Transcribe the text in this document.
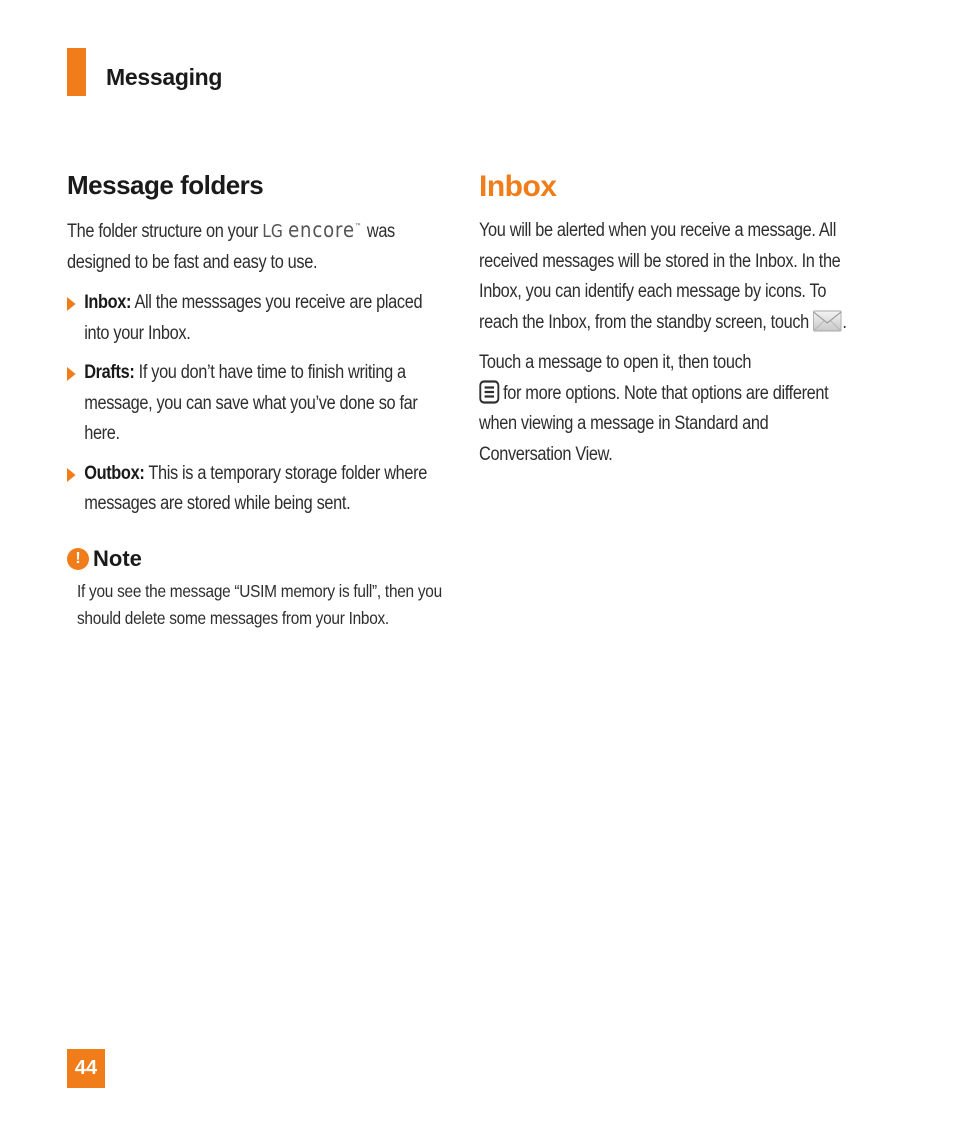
Messaging
Message folders

The folder structure on your LG encore™ was designed to be fast and easy to use.

Inbox: All the messsages you receive are placed into your Inbox.
Drafts: If you don’t have time to finish writing a message, you can save what you’ve done so far here.
Outbox: This is a temporary storage folder where messages are stored while being sent.
! Note

If you see the message “USIM memory is full”, then you should delete some messages from your Inbox.

Inbox

You will be alerted when you receive a message. All received messages will be stored in the Inbox. In the Inbox, you can identify each message by icons. To reach the Inbox, from the standby screen, touch .

Touch a message to open it, then touch
for more options. Note that options are different when viewing a message in Standard and Conversation View.

44
